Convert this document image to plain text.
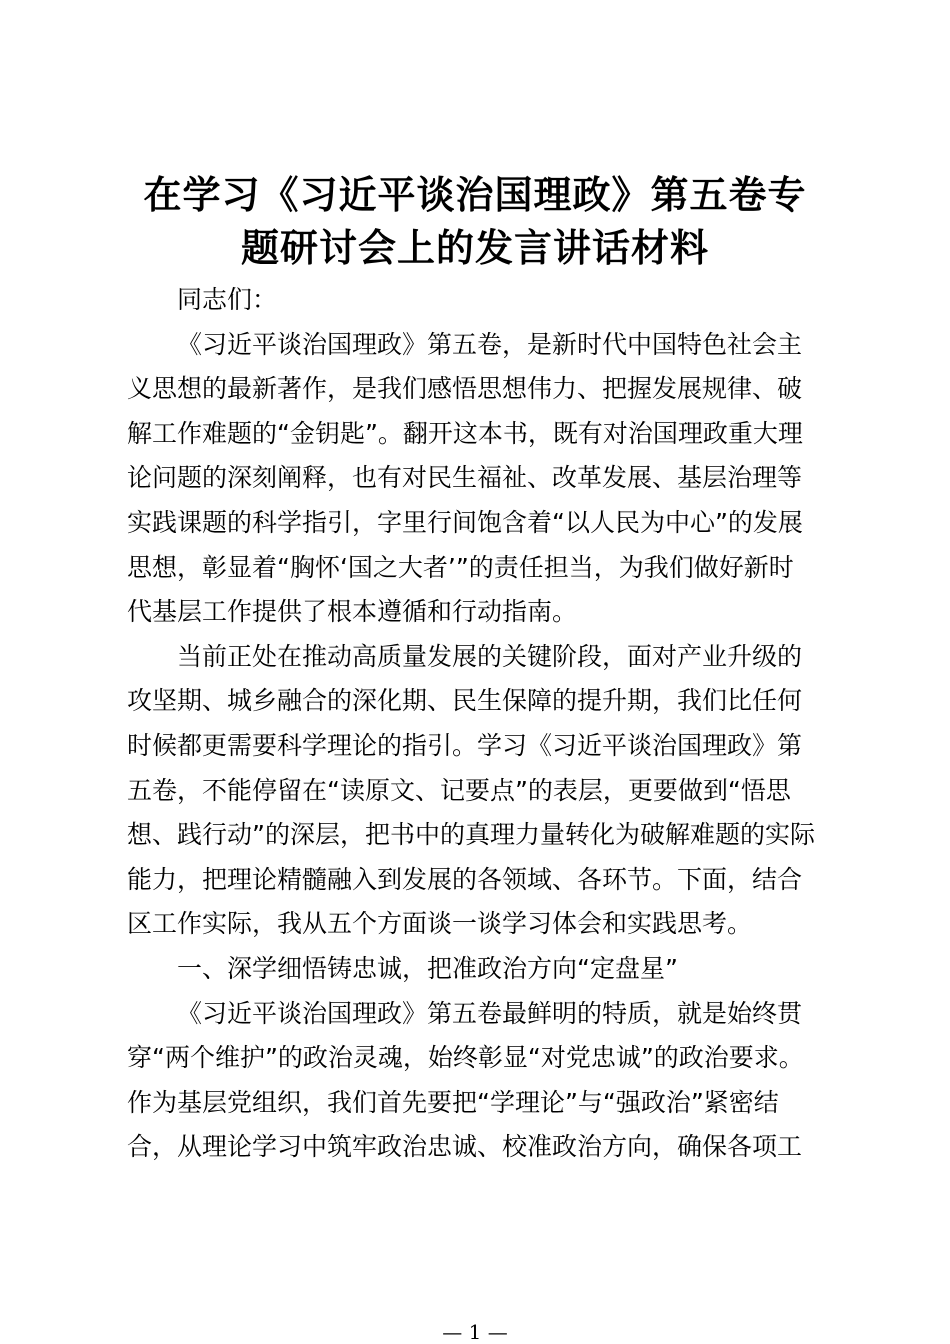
在学习《习近平谈治国理政》第五卷专
题研讨会上的发言讲话材料

同志们：

《习近平谈治国理政》第五卷，是新时代中国特色社会主
义思想的最新著作，是我们感悟思想伟力、把握发展规律、破
解工作难题的“金钥匙”。翻开这本书，既有对治国理政重大理
论问题的深刻阐释，也有对民生福祉、改革发展、基层治理等
实践课题的科学指引，字里行间饱含着“以人民为中心”的发展
思想，彰显着“胸怀‘国之大者’”的责任担当，为我们做好新时
代基层工作提供了根本遵循和行动指南。

当前正处在推动高质量发展的关键阶段，面对产业升级的
攻坚期、城乡融合的深化期、民生保障的提升期，我们比任何
时候都更需要科学理论的指引。学习《习近平谈治国理政》第
五卷，不能停留在“读原文、记要点”的表层，更要做到“悟思
想、践行动”的深层，把书中的真理力量转化为破解难题的实际
能力，把理论精髓融入到发展的各领域、各环节。下面，结合
区工作实际，我从五个方面谈一谈学习体会和实践思考。

一、深学细悟铸忠诚，把准政治方向“定盘星”

《习近平谈治国理政》第五卷最鲜明的特质，就是始终贯
穿“两个维护”的政治灵魂，始终彰显“对党忠诚”的政治要求。
作为基层党组织，我们首先要把“学理论”与“强政治”紧密结
合，从理论学习中筑牢政治忠诚、校准政治方向，确保各项工

— 1 —
